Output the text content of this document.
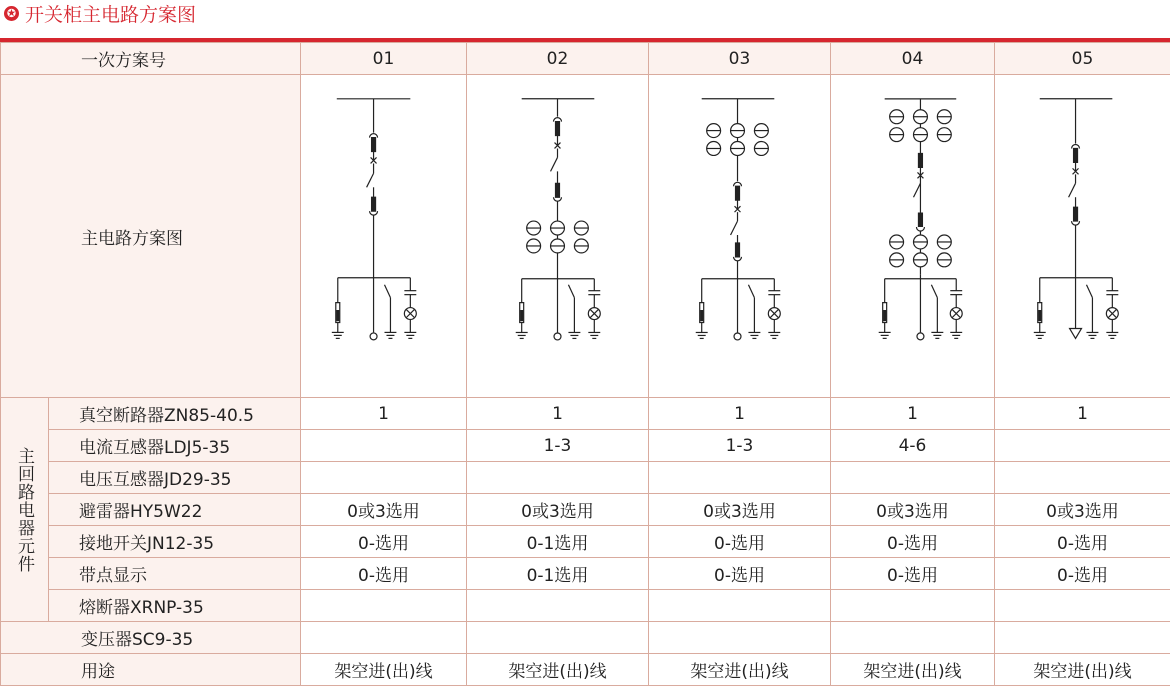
✪ 开关柜主电路方案图
一次方案号		01	02	03	04	05
主电路方案图	

主回路电器元件	真空断路器ZN85-40.5	1	1	1	1	1
	电流互感器LDJ5-35		1-3	1-3	4-6	
	电压互感器JD29-35					
	避雷器HY5W22	0或3选用	0或3选用	0或3选用	0或3选用	0或3选用
	接地开关JN12-35	0-选用	0-1选用	0-选用	0-选用	0-选用
	带点显示	0-选用	0-1选用	0-选用	0-选用	0-选用
	熔断器XRNP-35					
变压器SC9-35						
用途		架空进(出)线	架空进(出)线	架空进(出)线	架空进(出)线	架空进(出)线
